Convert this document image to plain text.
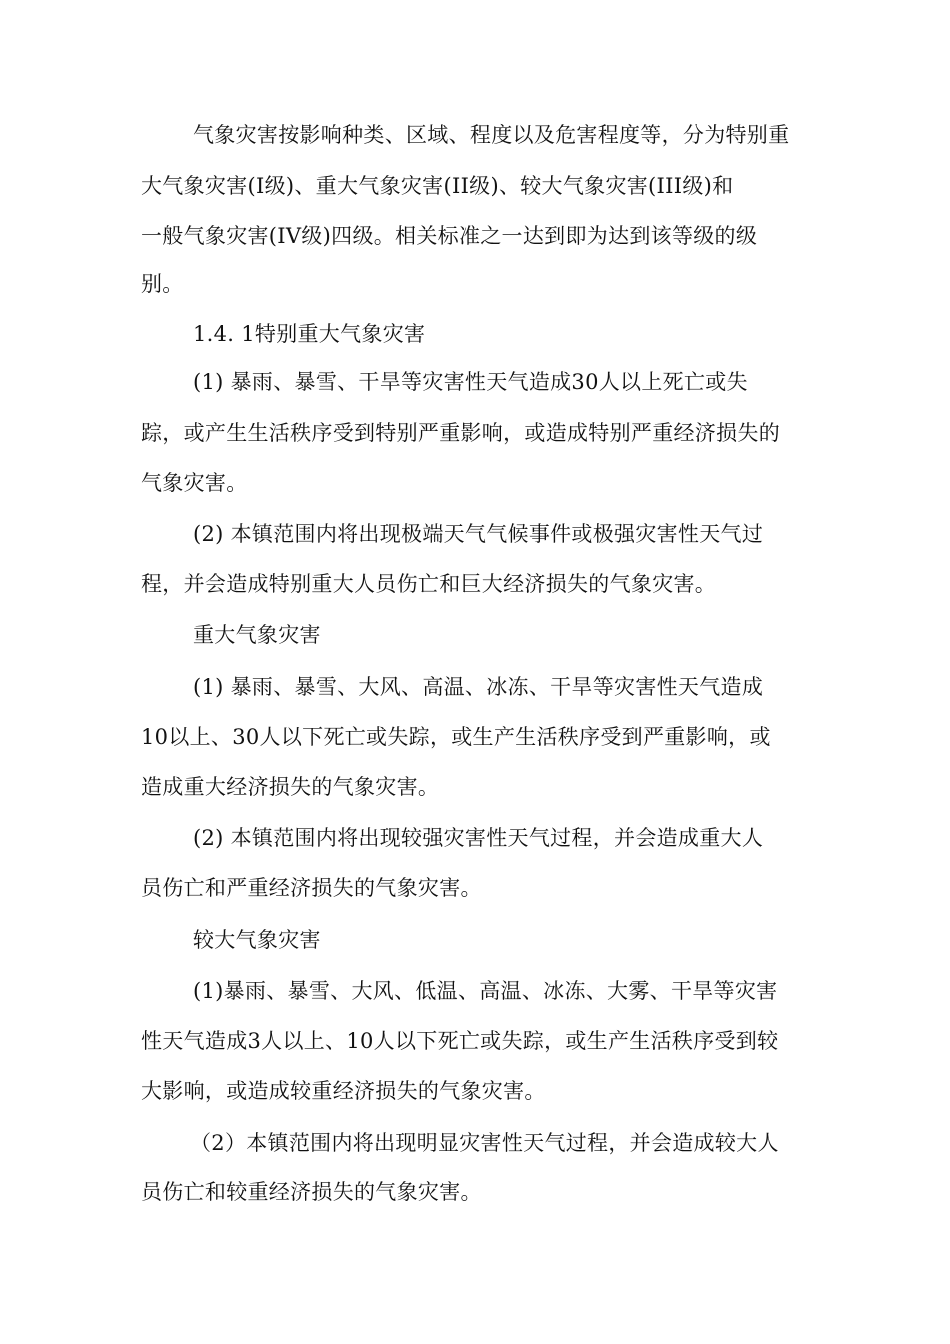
气象灾害按影响种类、区域、程度以及危害程度等，分为特别重
大气象灾害(I级)、重大气象灾害(II级)、较大气象灾害(III级)和
一般气象灾害(IV级)四级。相关标准之一达到即为达到该等级的级
别。
1.4. 1特别重大气象灾害
(1) 暴雨、暴雪、干旱等灾害性天气造成30人以上死亡或失
踪，或产生生活秩序受到特别严重影响，或造成特别严重经济损失的
气象灾害。
(2) 本镇范围内将出现极端天气气候事件或极强灾害性天气过
程，并会造成特别重大人员伤亡和巨大经济损失的气象灾害。
重大气象灾害
(1) 暴雨、暴雪、大风、高温、冰冻、干旱等灾害性天气造成
10以上、30人以下死亡或失踪，或生产生活秩序受到严重影响，或
造成重大经济损失的气象灾害。
(2) 本镇范围内将出现较强灾害性天气过程，并会造成重大人
员伤亡和严重经济损失的气象灾害。
较大气象灾害
(1)暴雨、暴雪、大风、低温、高温、冰冻、大雾、干旱等灾害
性天气造成3人以上、10人以下死亡或失踪，或生产生活秩序受到较
大影响，或造成较重经济损失的气象灾害。
（2）本镇范围内将出现明显灾害性天气过程，并会造成较大人
员伤亡和较重经济损失的气象灾害。
